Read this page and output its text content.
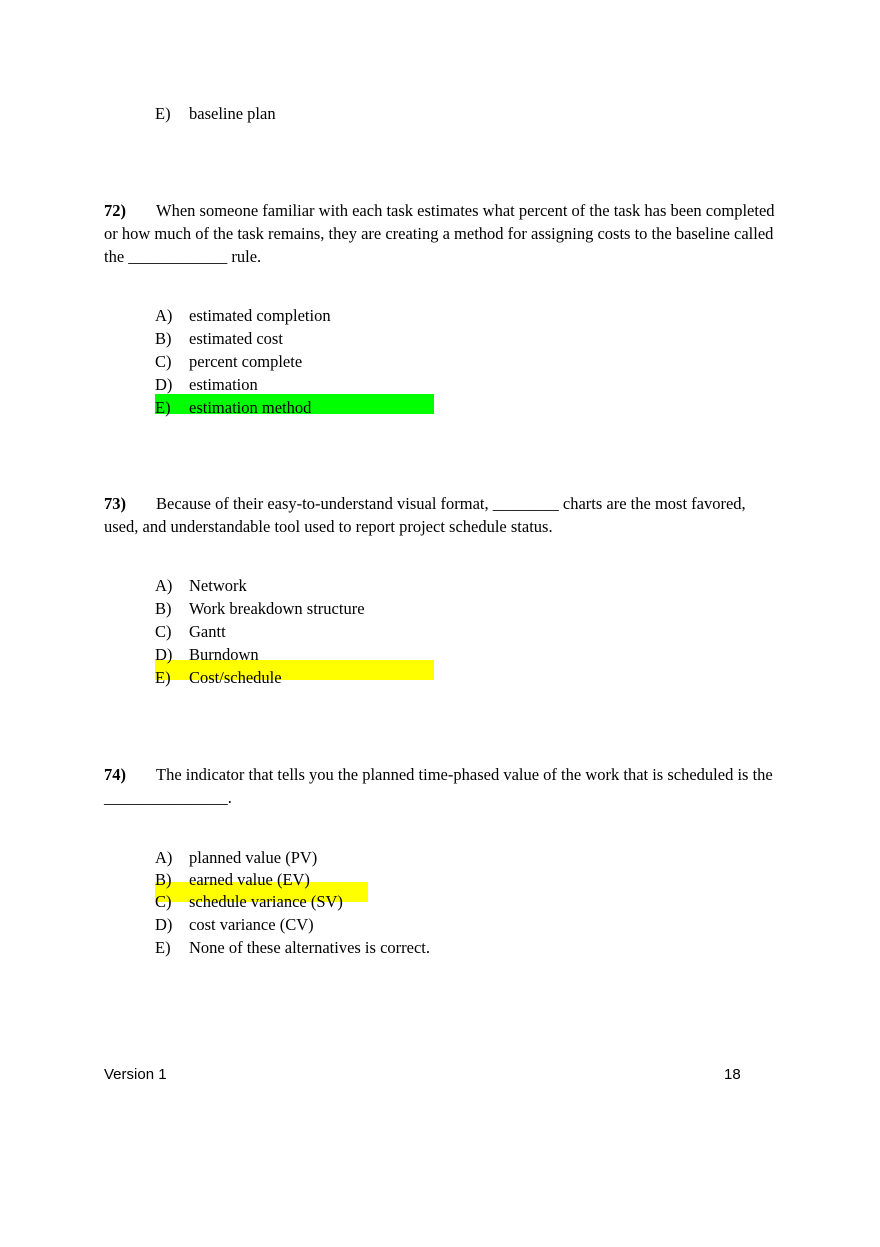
E) baseline plan
72) When someone familiar with each task estimates what percent of the task has been completed or how much of the task remains, they are creating a method for assigning costs to the baseline called the ____________ rule.
A) estimated completion
B) estimated cost
C) percent complete
D) estimation
E) estimation method
73) Because of their easy-to-understand visual format, ________ charts are the most favored, used, and understandable tool used to report project schedule status.
A) Network
B) Work breakdown structure
C) Gantt
D) Burndown
E) Cost/schedule
74) The indicator that tells you the planned time-phased value of the work that is scheduled is the _______________.
A) planned value (PV)
B) earned value (EV)
C) schedule variance (SV)
D) cost variance (CV)
E) None of these alternatives is correct.
Version 1	18
